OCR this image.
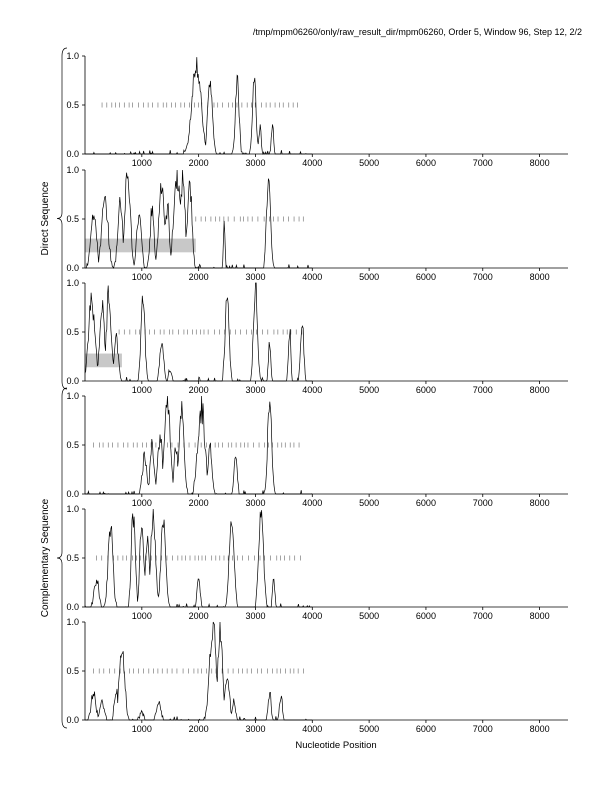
/tmp/mpm06260/only/raw_result_dir/mpm06260, Order 5, Window 96, Step 12, 2/2
0.0
0.5
1.0
1000	2000	3000	4000	5000	6000	7000	8000
0.0
0.5
1.0
1000	2000	3000	4000	5000	6000	7000	8000
0.0
0.5
1.0
1000	2000	3000	4000	5000	6000	7000	8000
0.0
0.5
1.0
1000	2000	3000	4000	5000	6000	7000	8000
0.0
0.5
1.0
1000	2000	3000	4000	5000	6000	7000	8000
0.0
0.5
1.0
1000	2000	3000	4000	5000	6000	7000	8000
Direct Sequence
Complementary Sequence
Nucleotide Position
